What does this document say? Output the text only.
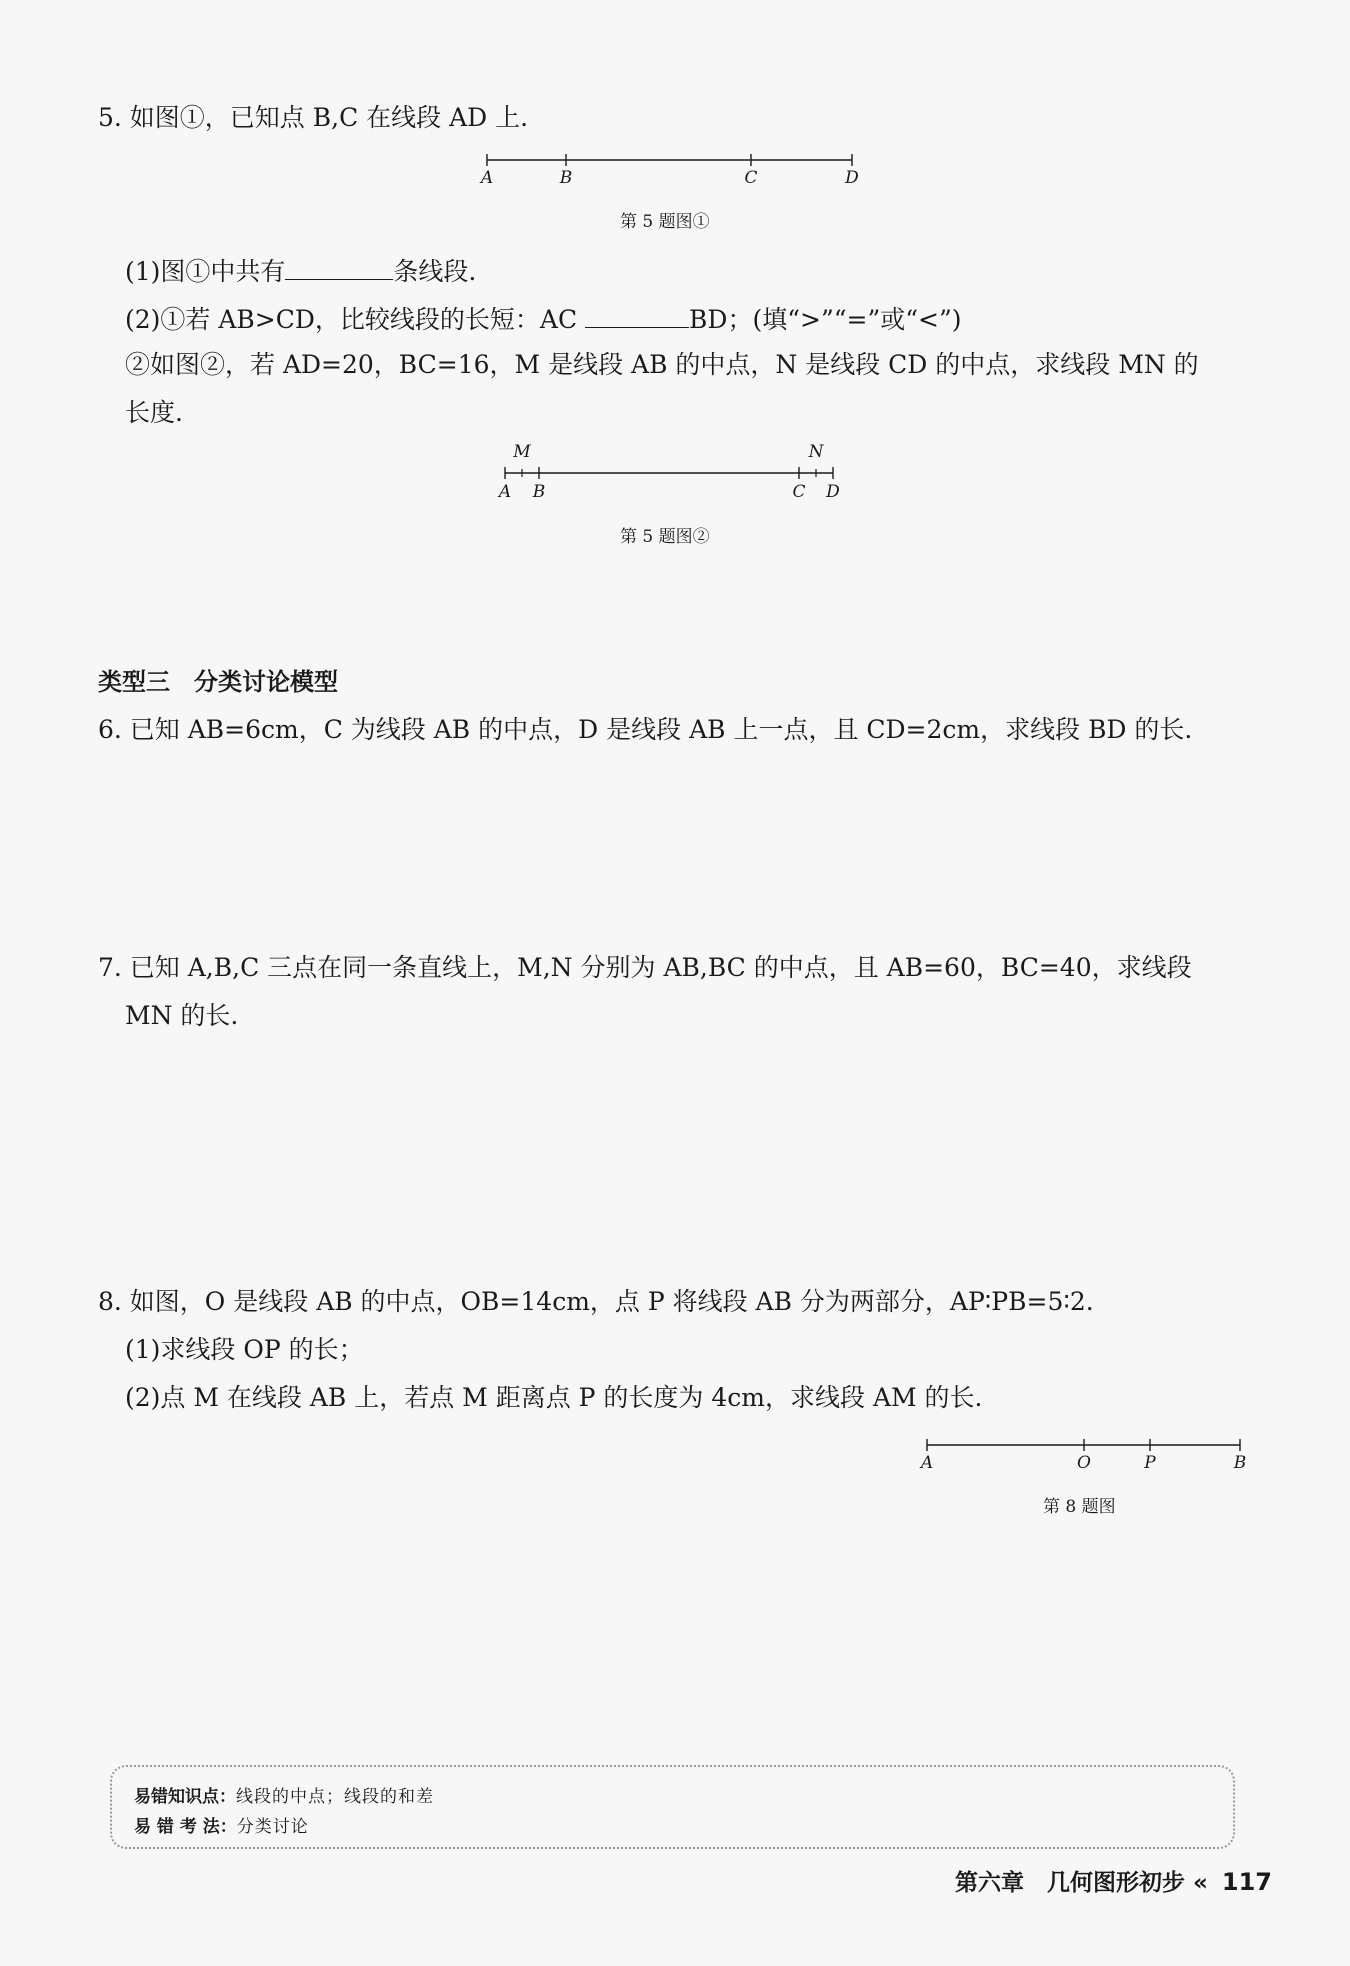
5. 如图①，已知点 B,C 在线段 AD 上.

A	B	C	D
第 5 题图①

(1)图①中共有	条线段.

(2)①若 AB>CD，比较线段的长短：AC	BD；(填“>”“=”或“<”)

②如图②，若 AD=20，BC=16，M 是线段 AB 的中点，N 是线段 CD 的中点，求线段 MN 的

长度.

M	N
A B	C D
第 5 题图②

类型三　分类讨论模型

6. 已知 AB=6cm，C 为线段 AB 的中点，D 是线段 AB 上一点，且 CD=2cm，求线段 BD 的长.

7. 已知 A,B,C 三点在同一条直线上，M,N 分别为 AB,BC 的中点，且 AB=60，BC=40，求线段

MN 的长.

8. 如图，O 是线段 AB 的中点，OB=14cm，点 P 将线段 AB 分为两部分，AP∶PB=5∶2.

(1)求线段 OP 的长；

(2)点 M 在线段 AB 上，若点 M 距离点 P 的长度为 4cm，求线段 AM 的长.

A	O	P	B
第 8 题图
易错知识点：线段的中点；线段的和差
易 错 考 法：分类讨论
第六章　几何图形初步 « 117
